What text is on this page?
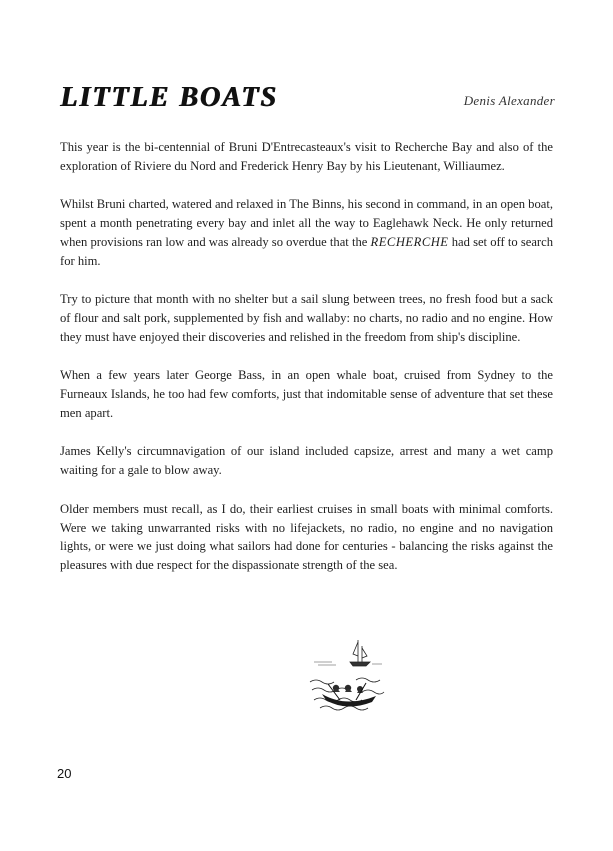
LITTLE BOATS	Denis Alexander

This year is the bi-centennial of Bruni D'Entrecasteaux's visit to Recherche Bay and also of the exploration of Riviere du Nord and Frederick Henry Bay by his Lieutenant, Williaumez.

Whilst Bruni charted, watered and relaxed in The Binns, his second in command, in an open boat, spent a month penetrating every bay and inlet all the way to Eaglehawk Neck. He only returned when provisions ran low and was already so overdue that the RECHERCHE had set off to search for him.

Try to picture that month with no shelter but a sail slung between trees, no fresh food but a sack of flour and salt pork, supplemented by fish and wallaby: no charts, no radio and no engine. How they must have enjoyed their discoveries and relished in the freedom from ship's discipline.

When a few years later George Bass, in an open whale boat, cruised from Sydney to the Furneaux Islands, he too had few comforts, just that indomitable sense of adventure that set these men apart.

James Kelly's circumnavigation of our island included capsize, arrest and many a wet camp waiting for a gale to blow away.

Older members must recall, as I do, their earliest cruises in small boats with minimal comforts. Were we taking unwarranted risks with no lifejackets, no radio, no engine and no navigation lights, or were we just doing what sailors had done for centuries - balancing the risks against the pleasures with due respect for the dispassionate strength of the sea.

20
